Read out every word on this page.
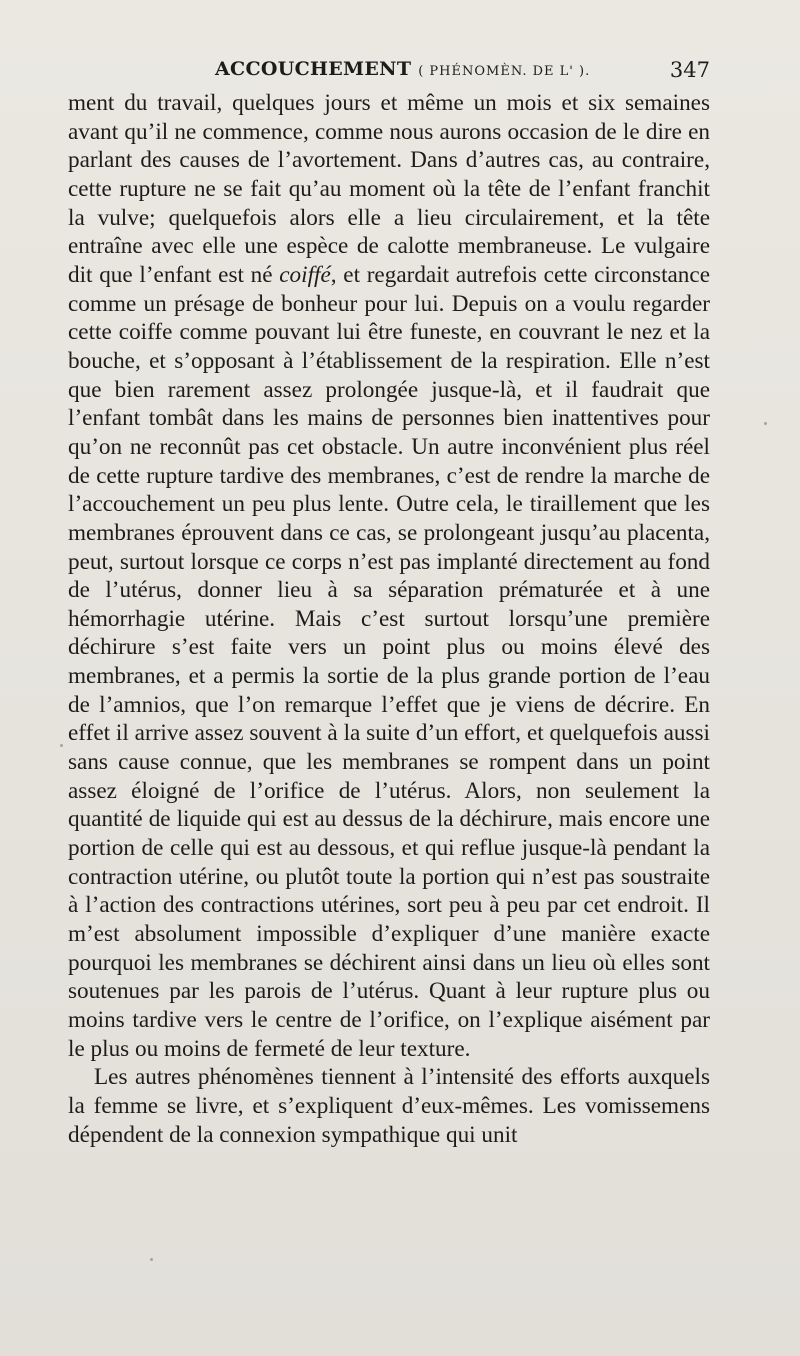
ACCOUCHEMENT ( PHÉNOMÈN. DE L' ).	347

ment du travail, quelques jours et même un mois et six semaines avant qu’il ne commence, comme nous aurons occasion de le dire en parlant des causes de l’avortement. Dans d’autres cas, au contraire, cette rupture ne se fait qu’au moment où la tête de l’enfant franchit la vulve; quelquefois alors elle a lieu circulairement, et la tête entraîne avec elle une espèce de calotte membraneuse. Le vulgaire dit que l’enfant est né coiffé, et regardait autrefois cette circonstance comme un présage de bonheur pour lui. Depuis on a voulu regarder cette coiffe comme pouvant lui être funeste, en couvrant le nez et la bouche, et s’opposant à l’établissement de la respiration. Elle n’est que bien rarement assez prolongée jusque-là, et il faudrait que l’enfant tombât dans les mains de personnes bien inattentives pour qu’on ne reconnût pas cet obstacle. Un autre inconvénient plus réel de cette rupture tardive des membranes, c’est de rendre la marche de l’accouchement un peu plus lente. Outre cela, le tiraillement que les membranes éprouvent dans ce cas, se prolongeant jusqu’au placenta, peut, surtout lorsque ce corps n’est pas implanté directement au fond de l’utérus, donner lieu à sa séparation prématurée et à une hémorrhagie utérine. Mais c’est surtout lorsqu’une première déchirure s’est faite vers un point plus ou moins élevé des membranes, et a permis la sortie de la plus grande portion de l’eau de l’amnios, que l’on remarque l’effet que je viens de décrire. En effet il arrive assez souvent à la suite d’un effort, et quelquefois aussi sans cause connue, que les membranes se rompent dans un point assez éloigné de l’orifice de l’utérus. Alors, non seulement la quantité de liquide qui est au dessus de la déchirure, mais encore une portion de celle qui est au dessous, et qui reflue jusque-là pendant la contraction utérine, ou plutôt toute la portion qui n’est pas soustraite à l’action des contractions utérines, sort peu à peu par cet endroit. Il m’est absolument impossible d’expliquer d’une manière exacte pourquoi les membranes se déchirent ainsi dans un lieu où elles sont soutenues par les parois de l’utérus. Quant à leur rupture plus ou moins tardive vers le centre de l’orifice, on l’explique aisément par le plus ou moins de fermeté de leur texture.

Les autres phénomènes tiennent à l’intensité des efforts auxquels la femme se livre, et s’expliquent d’eux-mêmes. Les vomissemens dépendent de la connexion sympathique qui unit
